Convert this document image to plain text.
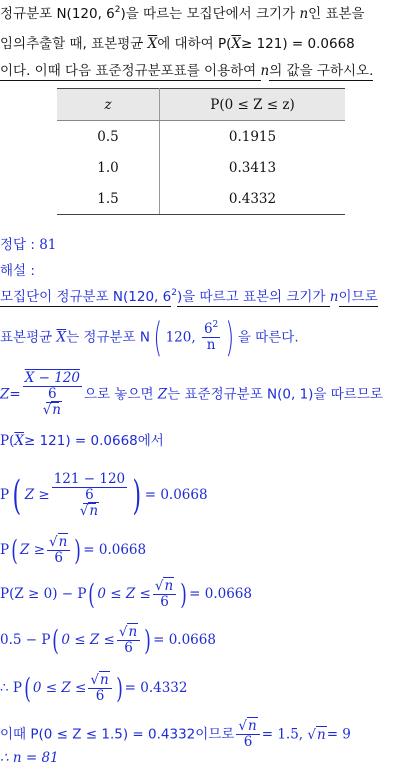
정규분포 N(120, $6^2$)을 따르는 모집단에서 크기가 n인 표본을
임의추출할 때, 표본평균 $\overline{X}$에 대하여 $P(\overline{X}\ge 121) = 0.0668$
이다. 이때 다음 표준정규분포표를 이용하여 n의 값을 구하시오.
z	P(0 ≤ Z ≤ z)
0.5	0.1915
1.0	0.3413
1.5	0.4332
정답 : 81
해설 :
모집단이 정규분포 N(120, $6^2$)을 따르고 표본의 크기가 n이므로
표본평균 $\overline{X}$는 정규분포 N( 120, $\frac{6^2}{n}$ ) 을 따른다.
$Z= \frac{X - 120}{\frac{6}{√n}}$ 으로 놓으면 Z는 표준정규분포 N(0, 1)을 따르므로
$P(\overline{X}\ge 121) = 0.0668$에서
P( $Z \ge \frac{121 - 120}{\frac{6}{√n}}$ ) = 0.0668
P( $Z \ge \frac{√n}{6}$ ) = 0.0668
P(Z ≥ 0) − P( $0 \le Z \le \frac{√n}{6}$ ) = 0.0668
0.5 − P( $0 \le Z \le \frac{√n}{6}$ ) = 0.0668
∴ P( $0 \le Z \le \frac{√n}{6}$ ) = 0.4332
이때 P(0 ≤ Z ≤ 1.5) = 0.4332이므로 $\frac{√n}{6} = 1.5$, √n= 9
∴ n = 81
